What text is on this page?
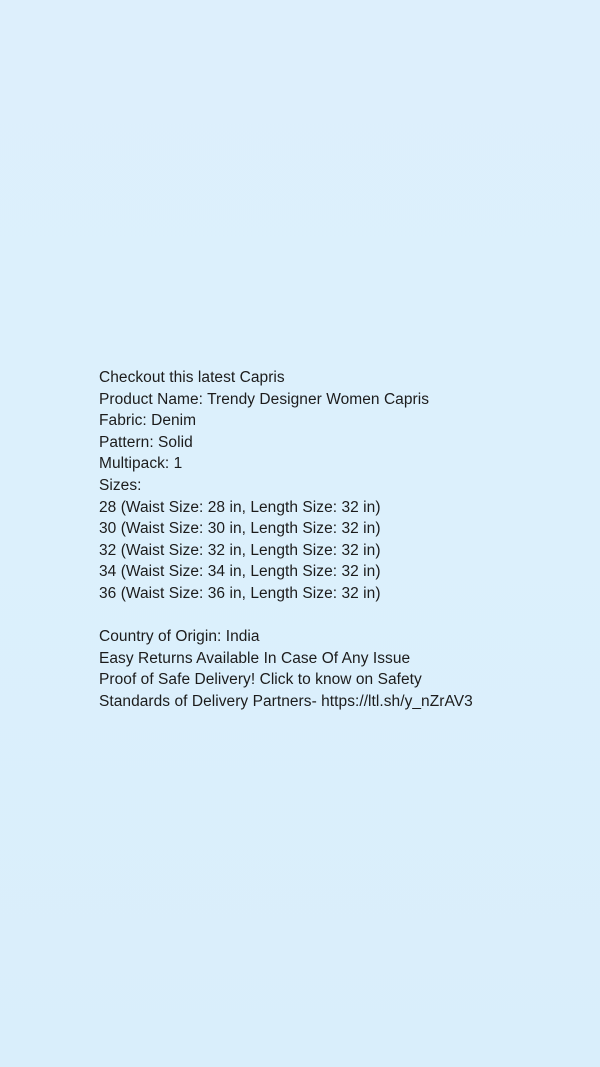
Checkout this latest Capris
Product Name: Trendy Designer Women Capris
Fabric: Denim
Pattern: Solid
Multipack: 1
Sizes:
28 (Waist Size: 28 in, Length Size: 32 in)
30 (Waist Size: 30 in, Length Size: 32 in)
32 (Waist Size: 32 in, Length Size: 32 in)
34 (Waist Size: 34 in, Length Size: 32 in)
36 (Waist Size: 36 in, Length Size: 32 in)
Country of Origin: India
Easy Returns Available In Case Of Any Issue
Proof of Safe Delivery! Click to know on Safety
Standards of Delivery Partners- https://ltl.sh/y_nZrAV3
